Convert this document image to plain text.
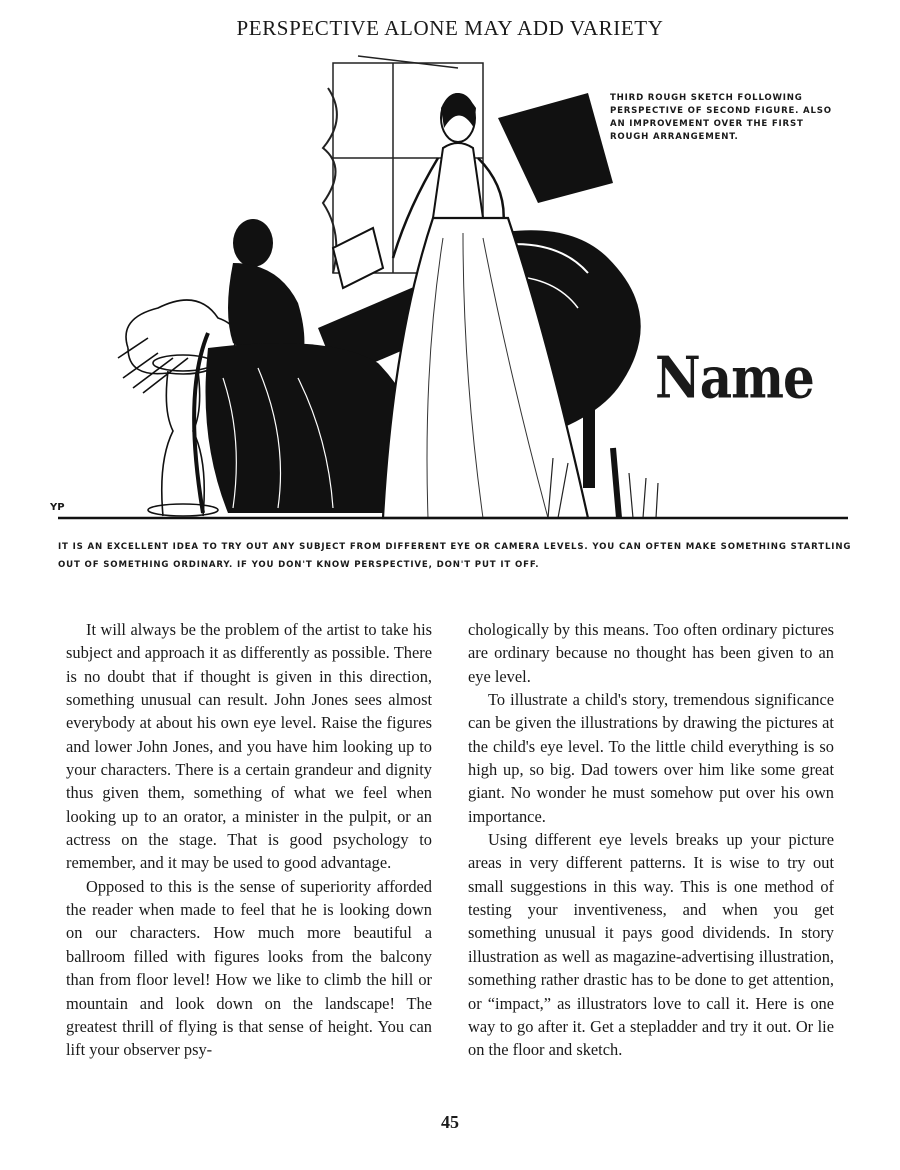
PERSPECTIVE ALONE MAY ADD VARIETY
THIRD ROUGH SKETCH FOLLOWING PERSPECTIVE OF SECOND FIGURE. ALSO AN IMPROVEMENT OVER THE FIRST ROUGH ARRANGEMENT.
Name
YP
IT IS AN EXCELLENT IDEA TO TRY OUT ANY SUBJECT FROM DIFFERENT EYE OR CAMERA LEVELS. YOU CAN OFTEN MAKE SOMETHING STARTLING OUT OF SOMETHING ORDINARY. IF YOU DON'T KNOW PERSPECTIVE, DON'T PUT IT OFF.

It will always be the problem of the artist to take his subject and approach it as differently as possible. There is no doubt that if thought is given in this direction, something unusual can result. John Jones sees almost everybody at about his own eye level. Raise the figures and lower John Jones, and you have him looking up to your characters. There is a certain grandeur and dignity thus given them, something of what we feel when looking up to an orator, a minister in the pulpit, or an actress on the stage. That is good psychology to remember, and it may be used to good advantage.

Opposed to this is the sense of superiority afforded the reader when made to feel that he is looking down on our characters. How much more beautiful a ballroom filled with figures looks from the balcony than from floor level! How we like to climb the hill or mountain and look down on the landscape! The greatest thrill of flying is that sense of height. You can lift your observer psy-

chologically by this means. Too often ordinary pictures are ordinary because no thought has been given to an eye level.

To illustrate a child's story, tremendous significance can be given the illustrations by drawing the pictures at the child's eye level. To the little child everything is so high up, so big. Dad towers over him like some great giant. No wonder he must somehow put over his own importance.

Using different eye levels breaks up your picture areas in very different patterns. It is wise to try out small suggestions in this way. This is one method of testing your inventiveness, and when you get something unusual it pays good dividends. In story illustration as well as magazine-advertising illustration, something rather drastic has to be done to get attention, or “impact,” as illustrators love to call it. Here is one way to go after it. Get a stepladder and try it out. Or lie on the floor and sketch.

45
